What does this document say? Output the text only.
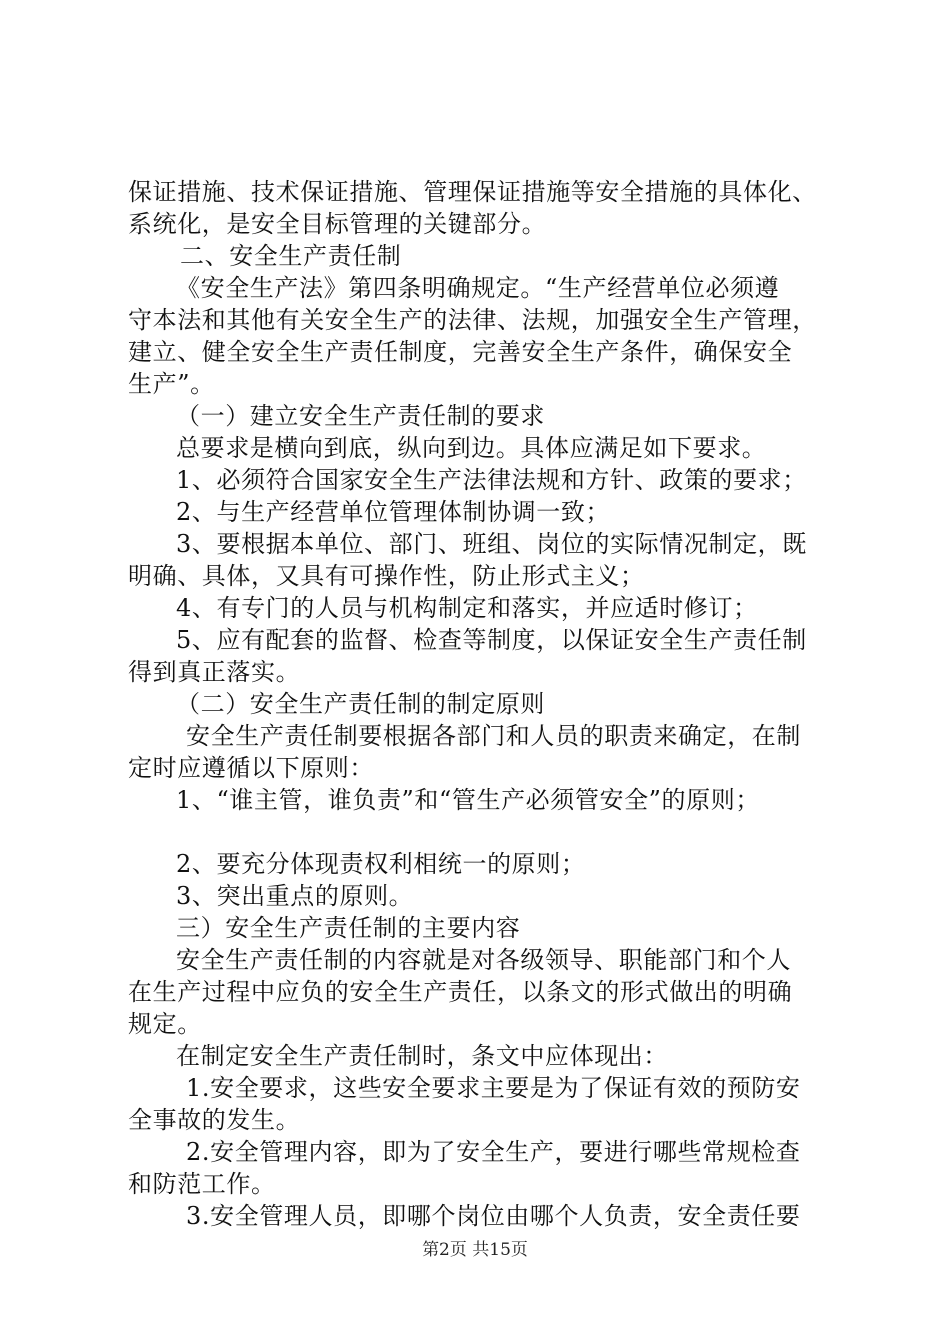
保证措施、技术保证措施、管理保证措施等安全措施的具体化、
系统化，是安全目标管理的关键部分。
二、安全生产责任制
《安全生产法》第四条明确规定。“生产经营单位必须遵
守本法和其他有关安全生产的法律、法规，加强安全生产管理，
建立、健全安全生产责任制度，完善安全生产条件，确保安全
生产”。
（一）建立安全生产责任制的要求
总要求是横向到底，纵向到边。具体应满足如下要求。
1、必须符合国家安全生产法律法规和方针、政策的要求；
2、与生产经营单位管理体制协调一致；
3、要根据本单位、部门、班组、岗位的实际情况制定，既
明确、具体，又具有可操作性，防止形式主义；
4、有专门的人员与机构制定和落实，并应适时修订；
5、应有配套的监督、检查等制度，以保证安全生产责任制
得到真正落实。
（二）安全生产责任制的制定原则
安全生产责任制要根据各部门和人员的职责来确定，在制
定时应遵循以下原则：
1、“谁主管，谁负责”和“管生产必须管安全”的原则；
2、要充分体现责权利相统一的原则；
3、突出重点的原则。
三）安全生产责任制的主要内容
安全生产责任制的内容就是对各级领导、职能部门和个人
在生产过程中应负的安全生产责任，以条文的形式做出的明确
规定。
在制定安全生产责任制时，条文中应体现出：
1.安全要求，这些安全要求主要是为了保证有效的预防安
全事故的发生。
2.安全管理内容，即为了安全生产，要进行哪些常规检查
和防范工作。
3.安全管理人员，即哪个岗位由哪个人负责，安全责任要
第2页 共15页
